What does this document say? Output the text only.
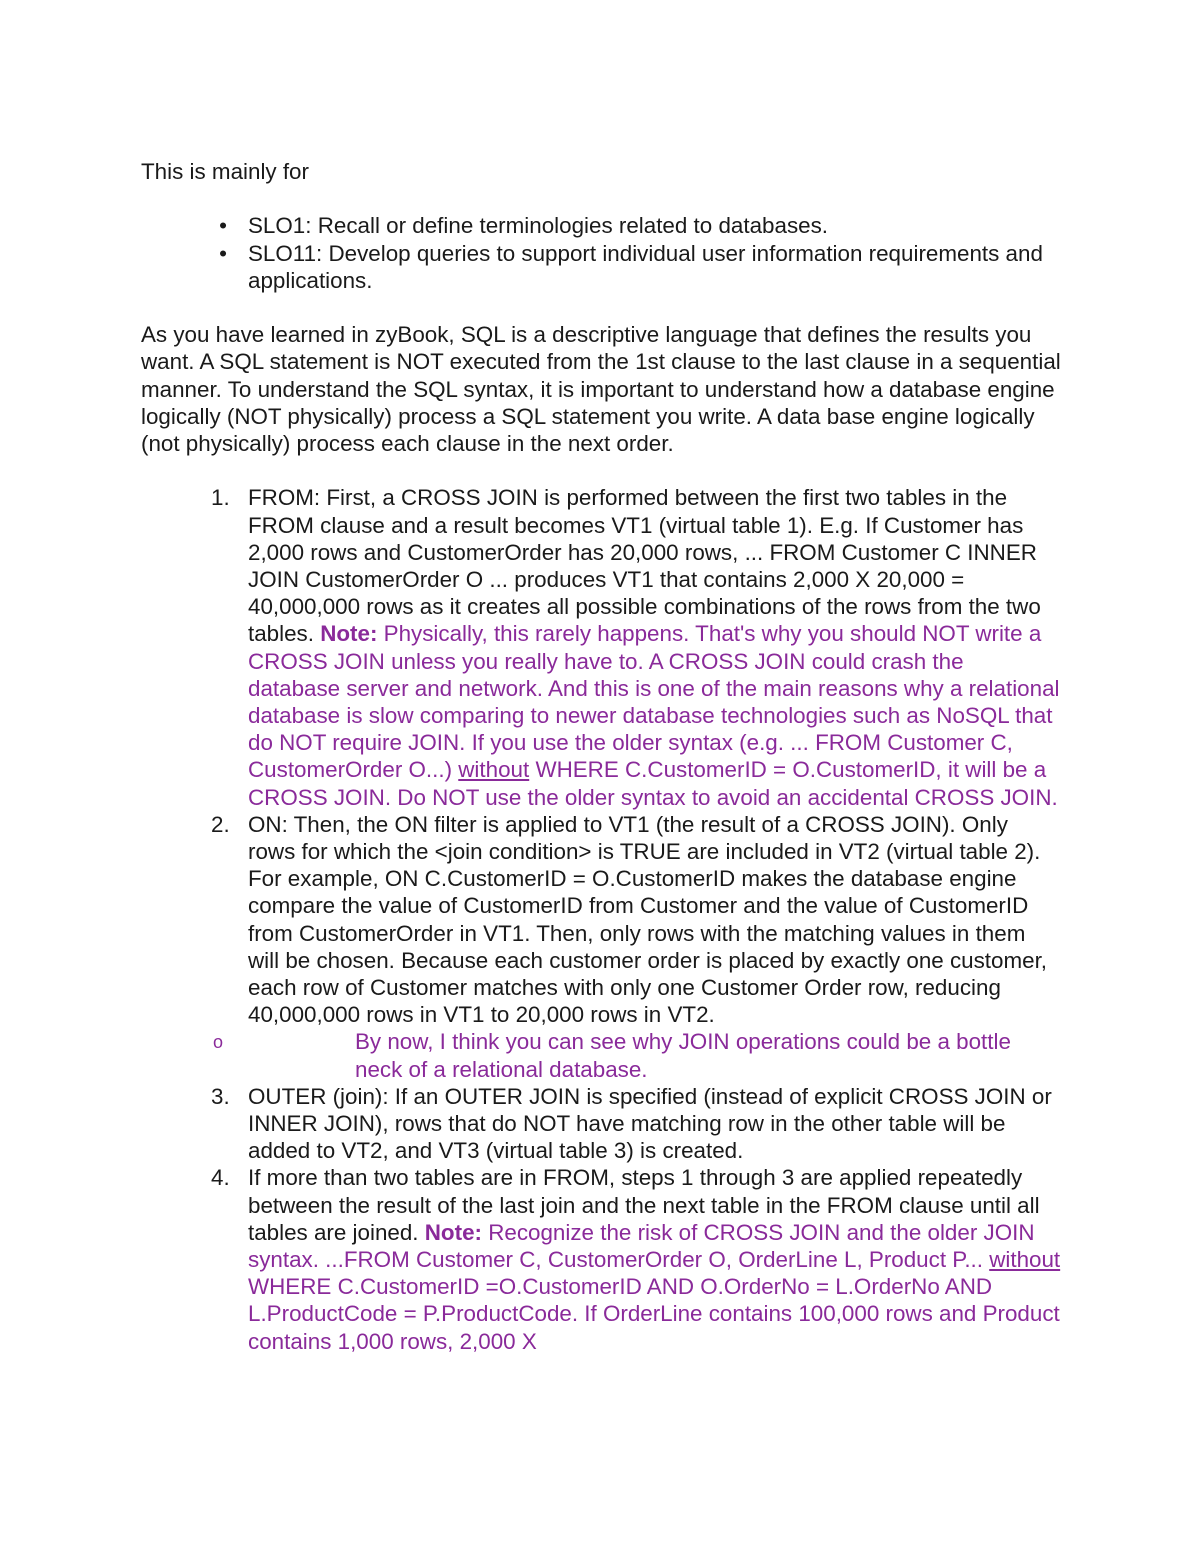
This is mainly for

• SLO1: Recall or define terminologies related to databases.
• SLO11: Develop queries to support individual user information requirements and applications.

As you have learned in zyBook, SQL is a descriptive language that defines the results you want. A SQL statement is NOT executed from the 1st clause to the last clause in a sequential manner. To understand the SQL syntax, it is important to understand how a database engine logically (NOT physically) process a SQL statement you write. A data base engine logically (not physically) process each clause in the next order.

1. FROM: First, a CROSS JOIN is performed between the first two tables in the FROM clause and a result becomes VT1 (virtual table 1). E.g. If Customer has 2,000 rows and CustomerOrder has 20,000 rows, ... FROM Customer C INNER JOIN CustomerOrder O ... produces VT1 that contains 2,000 X 20,000 = 40,000,000 rows as it creates all possible combinations of the rows from the two tables. Note: Physically, this rarely happens. That's why you should NOT write a CROSS JOIN unless you really have to. A CROSS JOIN could crash the database server and network. And this is one of the main reasons why a relational database is slow comparing to newer database technologies such as NoSQL that do NOT require JOIN. If you use the older syntax (e.g. ... FROM Customer C, CustomerOrder O...) without WHERE C.CustomerID = O.CustomerID, it will be a CROSS JOIN. Do NOT use the older syntax to avoid an accidental CROSS JOIN.
2. ON: Then, the ON filter is applied to VT1 (the result of a CROSS JOIN). Only rows for which the <join condition> is TRUE are included in VT2 (virtual table 2). For example, ON C.CustomerID = O.CustomerID makes the database engine compare the value of CustomerID from Customer and the value of CustomerID from CustomerOrder in VT1. Then, only rows with the matching values in them will be chosen. Because each customer order is placed by exactly one customer, each row of Customer matches with only one Customer Order row, reducing 40,000,000 rows in VT1 to 20,000 rows in VT2.
o	By now, I think you can see why JOIN operations could be a bottle neck of a relational database.
3. OUTER (join): If an OUTER JOIN is specified (instead of explicit CROSS JOIN or INNER JOIN), rows that do NOT have matching row in the other table will be added to VT2, and VT3 (virtual table 3) is created.
4. If more than two tables are in FROM, steps 1 through 3 are applied repeatedly between the result of the last join and the next table in the FROM clause until all tables are joined. Note: Recognize the risk of CROSS JOIN and the older JOIN syntax. ...FROM Customer C, CustomerOrder O, OrderLine L, Product P... without WHERE C.CustomerID =O.CustomerID AND O.OrderNo = L.OrderNo AND L.ProductCode = P.ProductCode. If OrderLine contains 100,000 rows and Product contains 1,000 rows, 2,000 X
